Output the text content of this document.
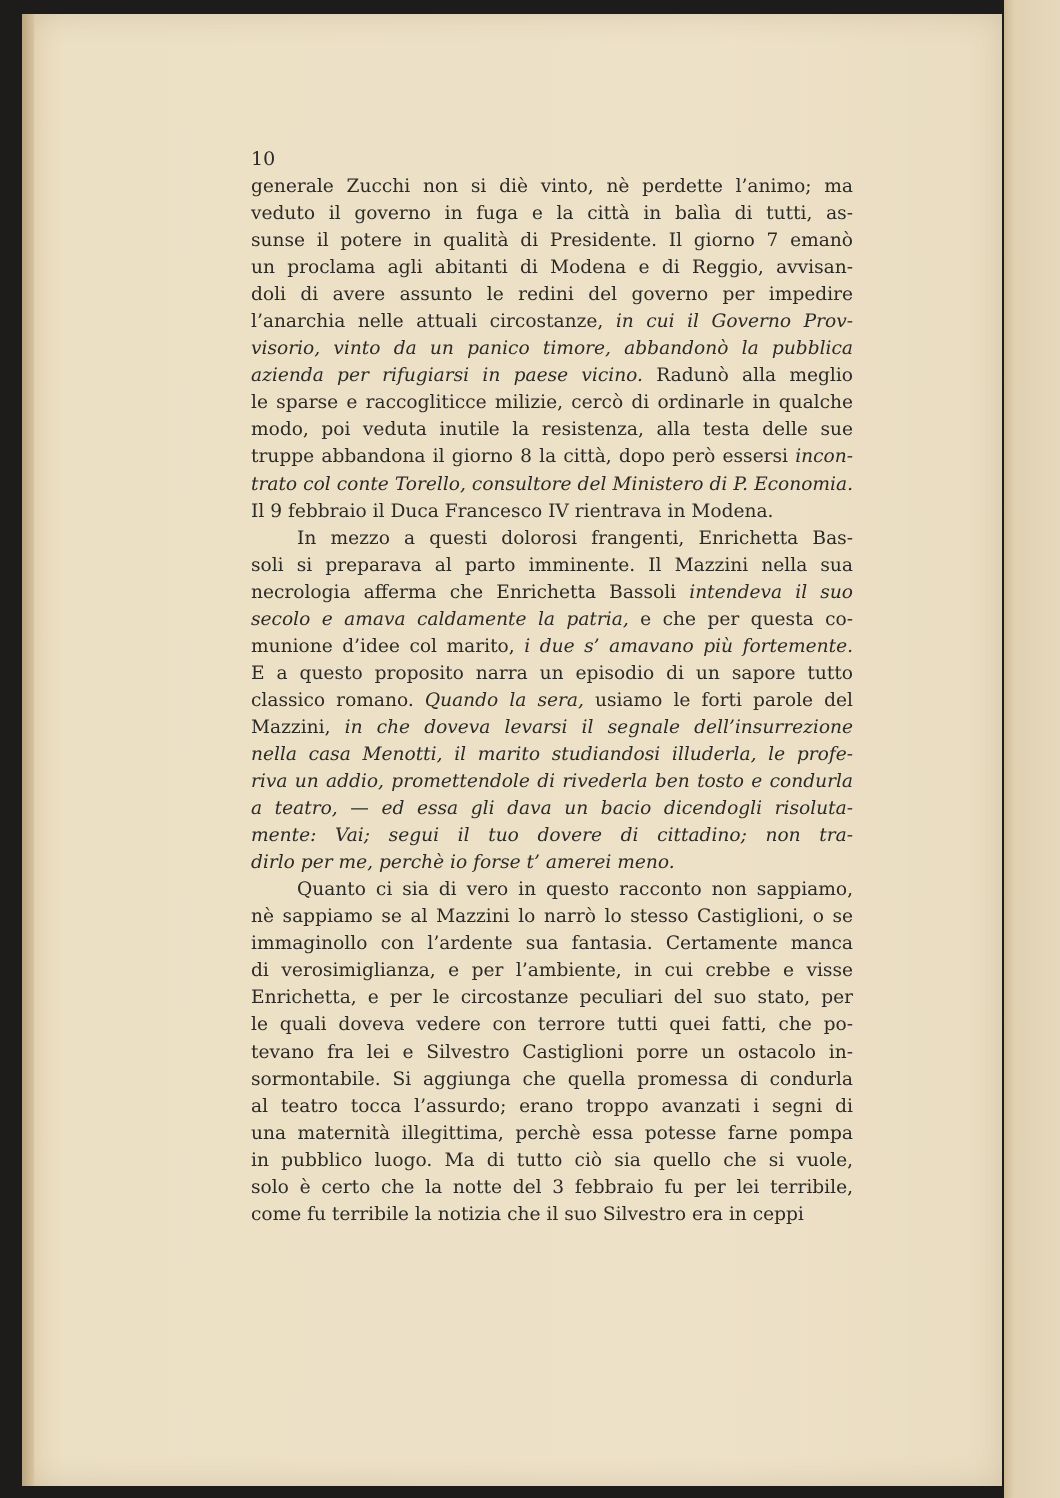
10
generale Zucchi non si diè vinto, nè perdette l’animo; ma
veduto il governo in fuga e la città in balìa di tutti, as-
sunse il potere in qualità di Presidente. Il giorno 7 emanò
un proclama agli abitanti di Modena e di Reggio, avvisan-
doli di avere assunto le redini del governo per impedire
l’anarchia nelle attuali circostanze, in cui il Governo Prov-
visorio, vinto da un panico timore, abbandonò la pubblica
azienda per rifugiarsi in paese vicino. Radunò alla meglio
le sparse e raccogliticce milizie, cercò di ordinarle in qualche
modo, poi veduta inutile la resistenza, alla testa delle sue
truppe abbandona il giorno 8 la città, dopo però essersi incon-
trato col conte Torello, consultore del Ministero di P. Economia.
Il 9 febbraio il Duca Francesco IV rientrava in Modena.
In mezzo a questi dolorosi frangenti, Enrichetta Bas-
soli si preparava al parto imminente. Il Mazzini nella sua
necrologia afferma che Enrichetta Bassoli intendeva il suo
secolo e amava caldamente la patria, e che per questa co-
munione d’idee col marito, i due s’ amavano più fortemente.
E a questo proposito narra un episodio di un sapore tutto
classico romano. Quando la sera, usiamo le forti parole del
Mazzini, in che doveva levarsi il segnale dell’insurrezione
nella casa Menotti, il marito studiandosi illuderla, le profe-
riva un addio, promettendole di rivederla ben tosto e condurla
a teatro, — ed essa gli dava un bacio dicendogli risoluta-
mente: Vai; segui il tuo dovere di cittadino; non tra-
dirlo per me, perchè io forse t’ amerei meno.
Quanto ci sia di vero in questo racconto non sappiamo,
nè sappiamo se al Mazzini lo narrò lo stesso Castiglioni, o se
immaginollo con l’ardente sua fantasia. Certamente manca
di verosimiglianza, e per l’ambiente, in cui crebbe e visse
Enrichetta, e per le circostanze peculiari del suo stato, per
le quali doveva vedere con terrore tutti quei fatti, che po-
tevano fra lei e Silvestro Castiglioni porre un ostacolo in-
sormontabile. Si aggiunga che quella promessa di condurla
al teatro tocca l’assurdo; erano troppo avanzati i segni di
una maternità illegittima, perchè essa potesse farne pompa
in pubblico luogo. Ma di tutto ciò sia quello che si vuole,
solo è certo che la notte del 3 febbraio fu per lei terribile,
come fu terribile la notizia che il suo Silvestro era in ceppi
